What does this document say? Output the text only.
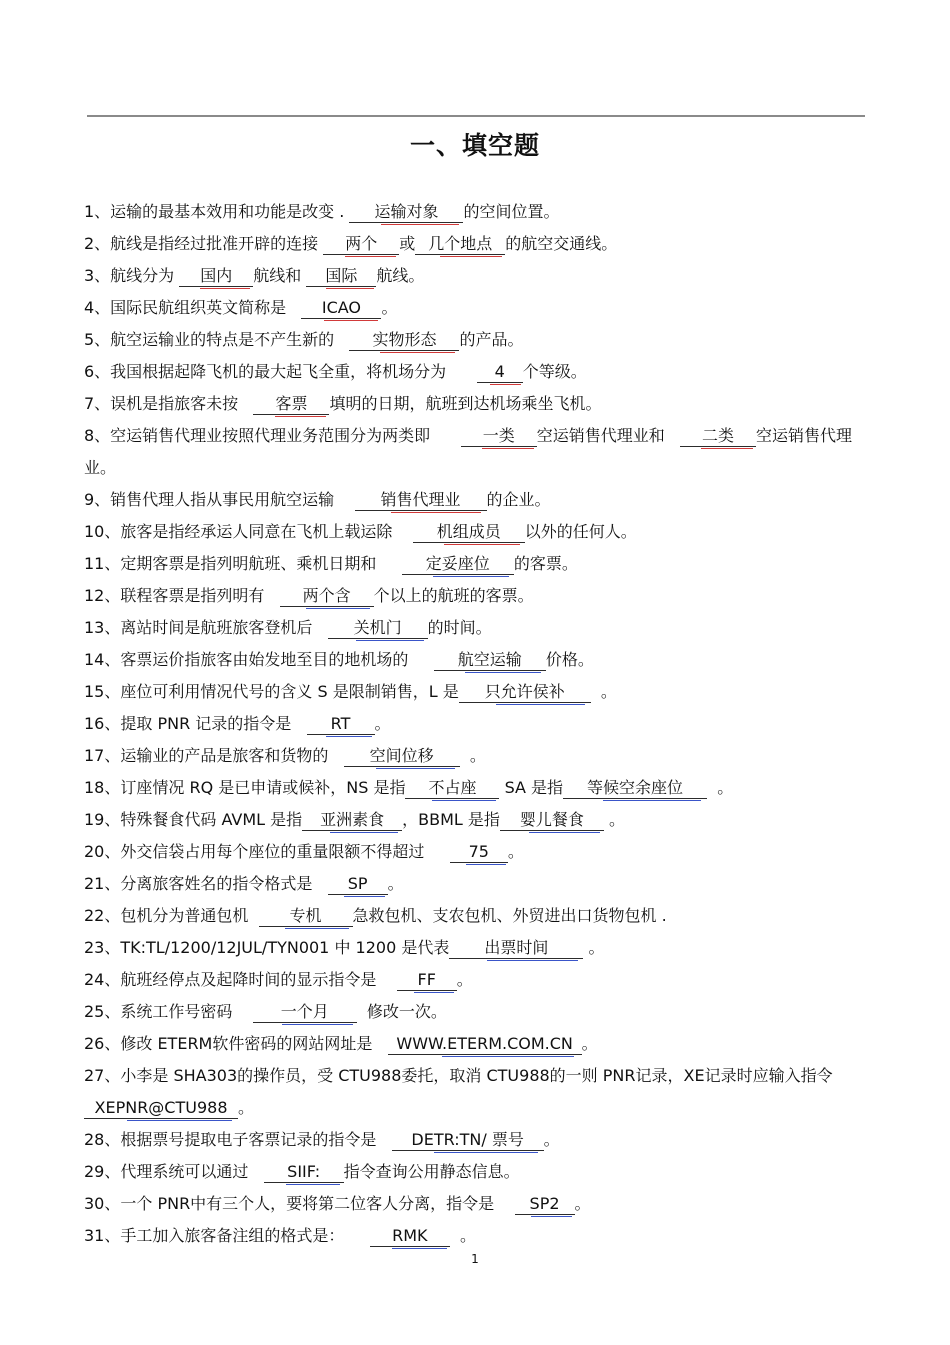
一、填空题

1、运输的最基本效用和功能是改变 . 运输对象 的空间位置。

2、航线是指经过批准开辟的连接 两个 或 几个地点 的航空交通线。

3、航线分为 国内 航线和 国际 航线。

4、国际民航组织英文简称是 ICAO 。

5、航空运输业的特点是不产生新的 实物形态 的产品。

6、我国根据起降飞机的最大起飞全重，将机场分为	4 个等级。

7、误机是指旅客未按 客票 填明的日期，航班到达机场乘坐飞机。

8、空运销售代理业按照代理业务范围分为两类即	一类 空运销售代理业和 二类 空运销售代理业。

9、销售代理人指从事民用航空运输	销售代理业 的企业。

10、旅客是指经承运人同意在飞机上载运除	机组成员 以外的任何人。

11、定期客票是指列明航班、乘机日期和	定妥座位 的客票。

12、联程客票是指列明有 两个含 个以上的航班的客票。

13、离站时间是航班旅客登机后	关机门 的时间。

14、客票运价指旅客由始发地至目的地机场的	航空运输 价格。

15、座位可利用情况代号的含义 S 是限制销售，L 是 只允许侯补 。

16、提取 PNR 记录的指令是 RT 。

17、运输业的产品是旅客和货物的	空间位移 。

18、订座情况 RQ 是已申请或候补，NS 是指 不占座 SA 是指 等候空余座位 。

19、特殊餐食代码 AVML 是指 亚洲素食 ，BBML 是指 婴儿餐食 。

20、外交信袋占用每个座位的重量限额不得超过	75 。

21、分离旅客姓名的指令格式是 SP 。

22、包机分为普通包机	专机 急救包机、支农包机、外贸进出口货物包机 .

23、TK:TL/1200/12JUL/TYN001 中 1200 是代表 出票时间	。

24、航班经停点及起降时间的显示指令是	FF 。

25、系统工作号密码	一个月 修改一次。

26、修改 ETERM软件密码的网站网址是 WWW.ETERM.COM.CN 。

27、小李是 SHA303的操作员，受 CTU988委托，取消 CTU988的一则 PNR记录，XE记录时应输入指令 XEPNR@CTU988 。

28、根据票号提取电子客票记录的指令是 DETR:TN/ 票号 。

29、代理系统可以通过 SIIF: 指令查询公用静态信息。

30、一个 PNR中有三个人，要将第二位客人分离，指令是 SP2 。

31、手工加入旅客备注组的格式是：	RMK 。

1
